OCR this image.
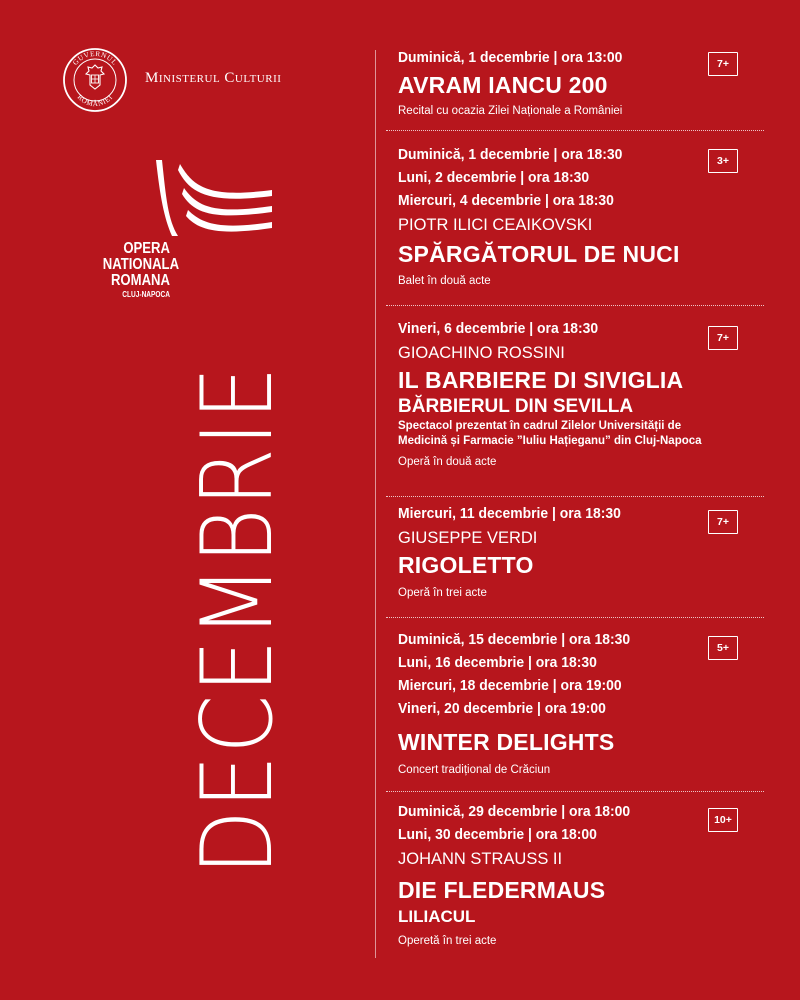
GUVERNUL
ROMÂNIEI
Ministerul Culturii
OPERA
NATIONALA
ROMANA
CLUJ-NAPOCA
DECEMBRIE
Duminică, 1 decembrie | ora 13:00
AVRAM IANCU 200
Recital cu ocazia Zilei Naționale a României
7+
Duminică, 1 decembrie | ora 18:30
Luni, 2 decembrie | ora 18:30
Miercuri, 4 decembrie | ora 18:30
PIOTR ILICI CEAIKOVSKI
SPĂRGĂTORUL DE NUCI
Balet în două acte
3+
Vineri, 6 decembrie | ora 18:30
GIOACHINO ROSSINI
IL BARBIERE DI SIVIGLIA
BĂRBIERUL DIN SEVILLA
Spectacol prezentat în cadrul Zilelor Universității de
Medicină și Farmacie ”Iuliu Hațieganu” din Cluj-Napoca
Operă în două acte
7+
Miercuri, 11 decembrie | ora 18:30
GIUSEPPE VERDI
RIGOLETTO
Operă în trei acte
7+
Duminică, 15 decembrie | ora 18:30
Luni, 16 decembrie | ora 18:30
Miercuri, 18 decembrie | ora 19:00
Vineri, 20 decembrie | ora 19:00
WINTER DELIGHTS
Concert tradițional de Crăciun
5+
Duminică, 29 decembrie | ora 18:00
Luni, 30 decembrie | ora 18:00
JOHANN STRAUSS II
DIE FLEDERMAUS
LILIACUL
Operetă în trei acte
10+
